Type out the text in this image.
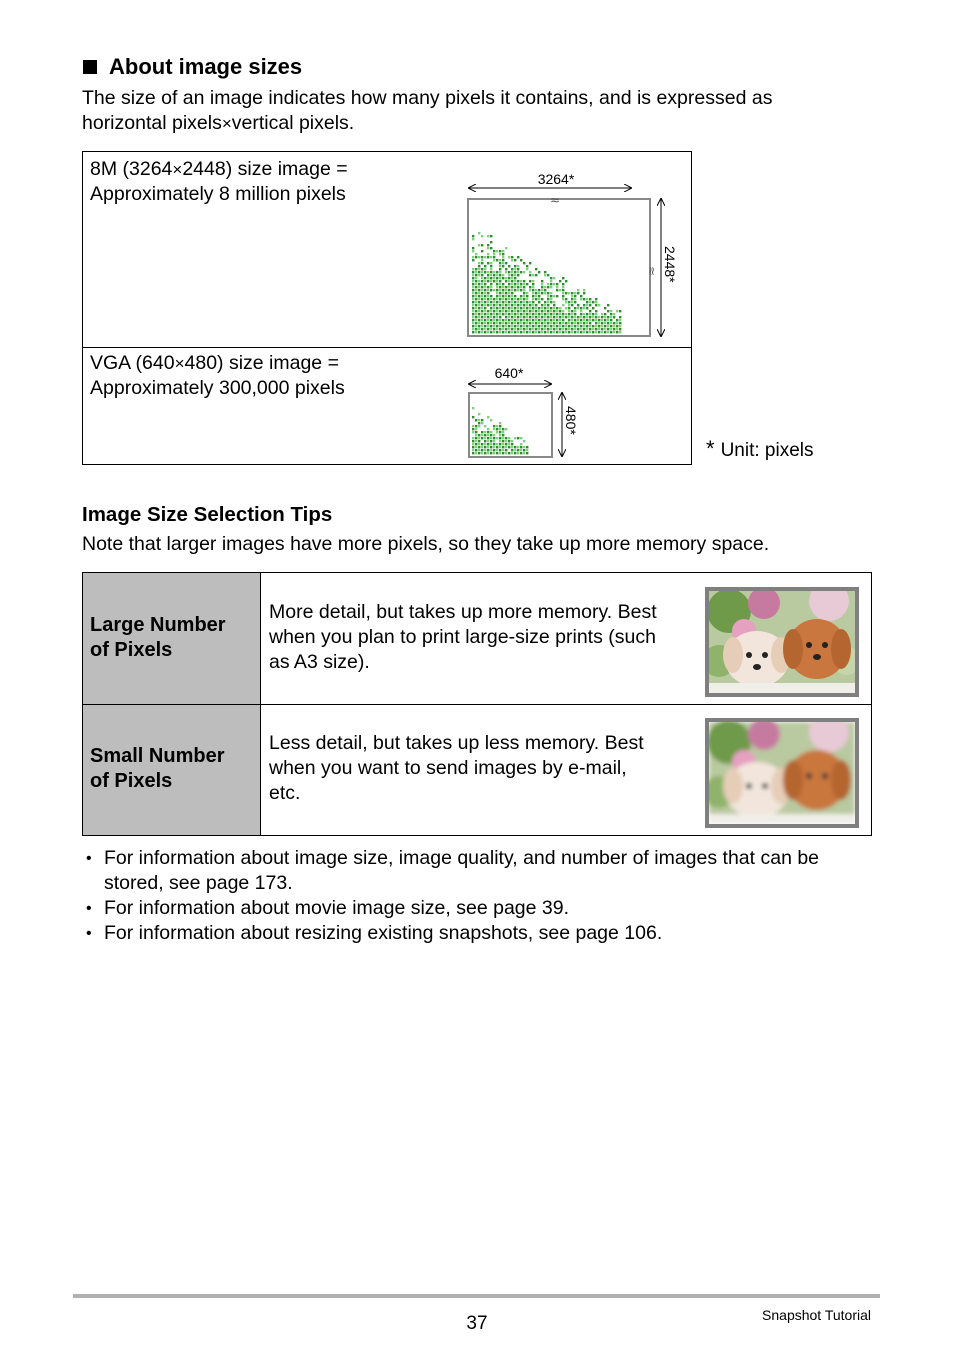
About image sizes
The size of an image indicates how many pixels it contains, and is expressed as
horizontal pixels×vertical pixels.
8M (3264×2448) size image =
Approximately 8 million pixels
VGA (640×480) size image =
Approximately 300,000 pixels
3264*
2448*
≈
≈
640*
480*
* Unit: pixels
Image Size Selection Tips
Note that larger images have more pixels, so they take up more memory space.
Large Number
of Pixels
More detail, but takes up more memory. Best
when you plan to print large-size prints (such
as A3 size).
Small Number
of Pixels
Less detail, but takes up less memory. Best
when you want to send images by e-mail,
etc.
• For information about image size, image quality, and number of images that can be
stored, see page 173.
• For information about movie image size, see page 39.
• For information about resizing existing snapshots, see page 106.
37	Snapshot Tutorial
